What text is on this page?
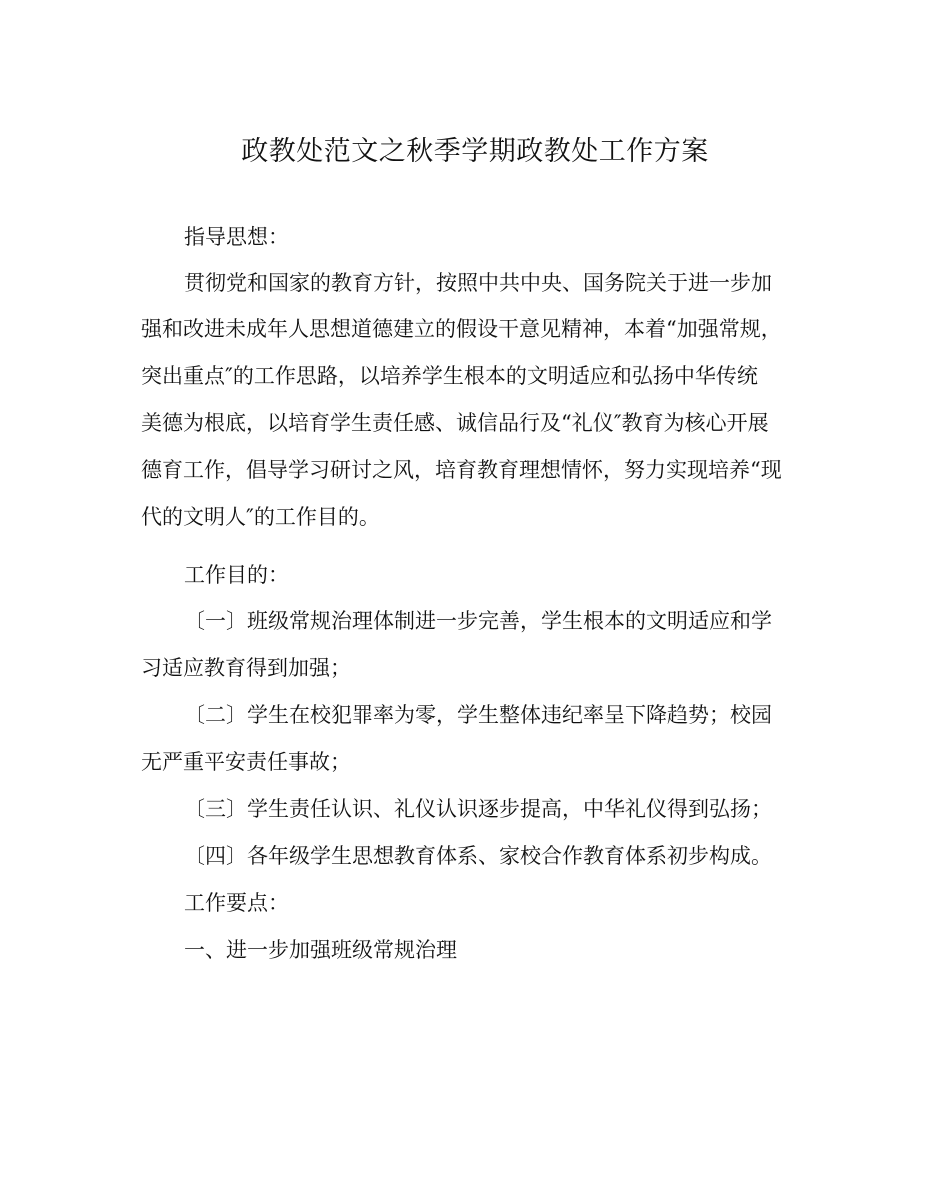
政教处范文之秋季学期政教处工作方案
指导思想：
贯彻党和国家的教育方针，按照中共中央、国务院关于进一步加
强和改进未成年人思想道德建立的假设干意见精神，本着“加强常规，
突出重点″的工作思路，以培养学生根本的文明适应和弘扬中华传统
美德为根底，以培育学生责任感、诚信品行及“礼仪″教育为核心开展
德育工作，倡导学习研讨之风，培育教育理想情怀，努力实现培养“现
代的文明人″的工作目的。
工作目的：
〔一〕班级常规治理体制进一步完善，学生根本的文明适应和学
习适应教育得到加强；
〔二〕学生在校犯罪率为零，学生整体违纪率呈下降趋势；校园
无严重平安责任事故；
〔三〕学生责任认识、礼仪认识逐步提高，中华礼仪得到弘扬；
〔四〕各年级学生思想教育体系、家校合作教育体系初步构成。
工作要点：
一、进一步加强班级常规治理
